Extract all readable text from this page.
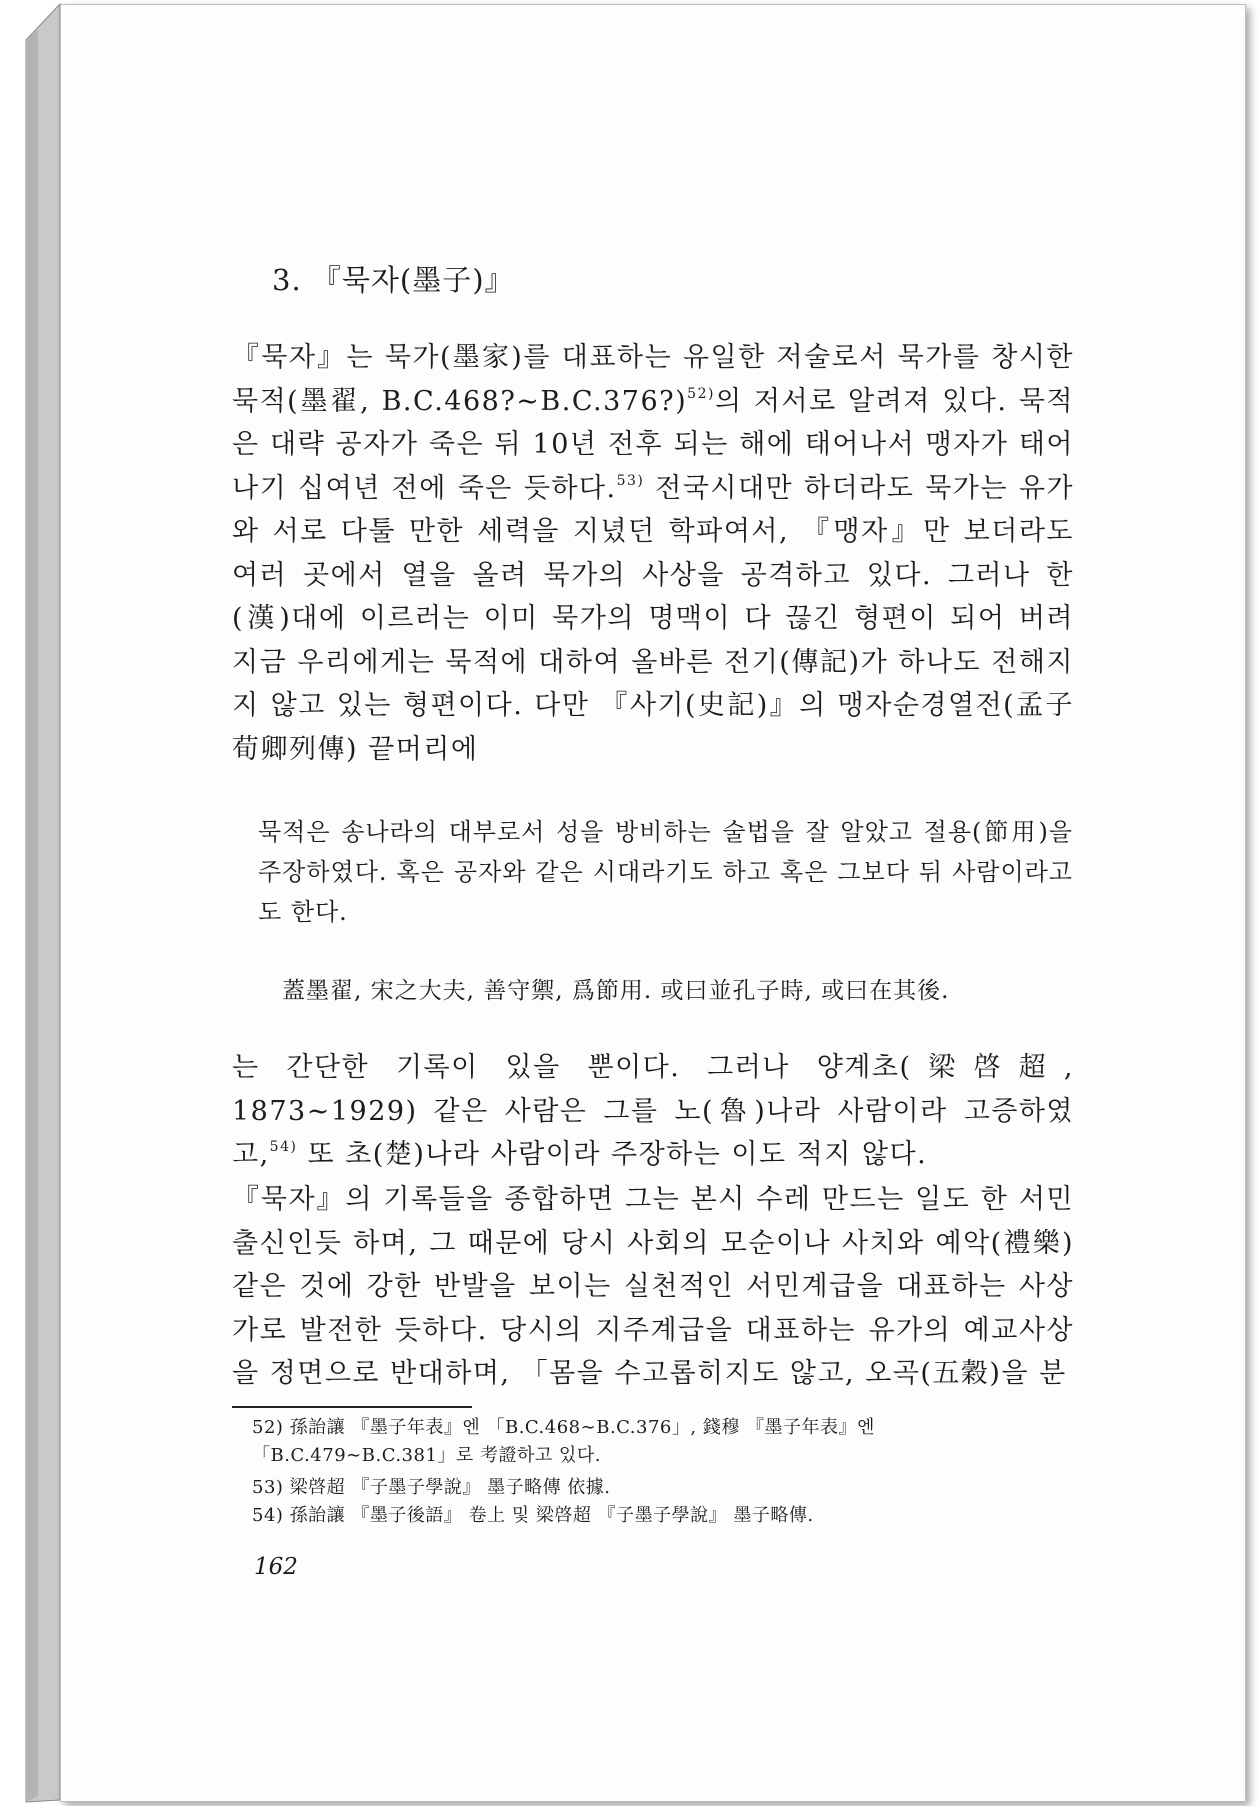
3. 『묵자(墨子)』

『묵자』는 묵가(墨家)를 대표하는 유일한 저술로서 묵가를 창시한 묵적(墨翟, B.C.468?∼B.C.376?)$^{52)}$의 저서로 알려져 있다. 묵적은 대략 공자가 죽은 뒤 10년 전후 되는 해에 태어나서 맹자가 태어나기 십여년 전에 죽은 듯하다.$^{53)}$ 전국시대만 하더라도 묵가는 유가와 서로 다툴 만한 세력을 지녔던 학파여서, 『맹자』만 보더라도 여러 곳에서 열을 올려 묵가의 사상을 공격하고 있다. 그러나 한(漢)대에 이르러는 이미 묵가의 명맥이 다 끊긴 형편이 되어 버려 지금 우리에게는 묵적에 대하여 올바른 전기(傳記)가 하나도 전해지지 않고 있는 형편이다. 다만 『사기(史記)』의 맹자순경열전(孟子荀卿列傳) 끝머리에

묵적은 송나라의 대부로서 성을 방비하는 술법을 잘 알았고 절용(節用)을 주장하였다. 혹은 공자와 같은 시대라기도 하고 혹은 그보다 뒤 사람이라고도 한다.

蓋墨翟, 宋之大夫, 善守禦, 爲節用. 或曰並孔子時, 或曰在其後.

는 간단한 기록이 있을 뿐이다. 그러나 양계초(梁啓超, 1873∼1929) 같은 사람은 그를 노(魯)나라 사람이라 고증하였고,$^{54)}$ 또 초(楚)나라 사람이라 주장하는 이도 적지 않다.

『묵자』의 기록들을 종합하면 그는 본시 수레 만드는 일도 한 서민 출신인듯 하며, 그 때문에 당시 사회의 모순이나 사치와 예악(禮樂) 같은 것에 강한 반발을 보이는 실천적인 서민계급을 대표하는 사상가로 발전한 듯하다. 당시의 지주계급을 대표하는 유가의 예교사상을 정면으로 반대하며, 「몸을 수고롭히지도 않고, 오곡(五穀)을 분

52) 孫詒讓 『墨子年表』엔 「B.C.468∼B.C.376」, 錢穆 『墨子年表』엔 「B.C.479∼B.C.381」로 考證하고 있다.

53) 梁啓超 『子墨子學說』 墨子略傳 依據.

54) 孫詒讓 『墨子後語』 卷上 및 梁啓超 『子墨子學說』 墨子略傳.

162
